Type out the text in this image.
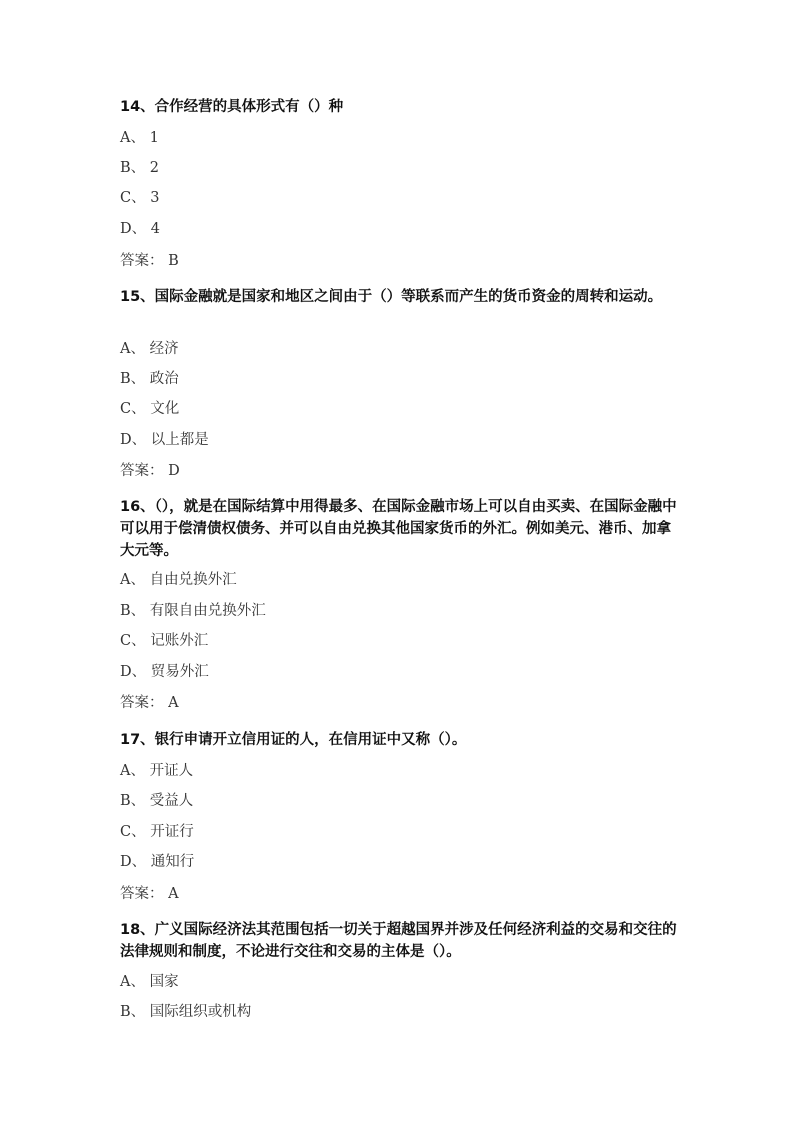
14、合作经营的具体形式有（）种
A、 1
B、 2
C、 3
D、 4
答案： B
15、国际金融就是国家和地区之间由于（）等联系而产生的货币资金的周转和运动。
A、 经济
B、 政治
C、 文化
D、 以上都是
答案： D
16、（），就是在国际结算中用得最多、在国际金融市场上可以自由买卖、在国际金融中可以用于偿清债权债务、并可以自由兑换其他国家货币的外汇。例如美元、港币、加拿大元等。
A、 自由兑换外汇
B、 有限自由兑换外汇
C、 记账外汇
D、 贸易外汇
答案： A
17、银行申请开立信用证的人，在信用证中又称（）。
A、 开证人
B、 受益人
C、 开证行
D、 通知行
答案： A
18、广义国际经济法其范围包括一切关于超越国界并涉及任何经济利益的交易和交往的法律规则和制度，不论进行交往和交易的主体是（）。
A、 国家
B、 国际组织或机构
